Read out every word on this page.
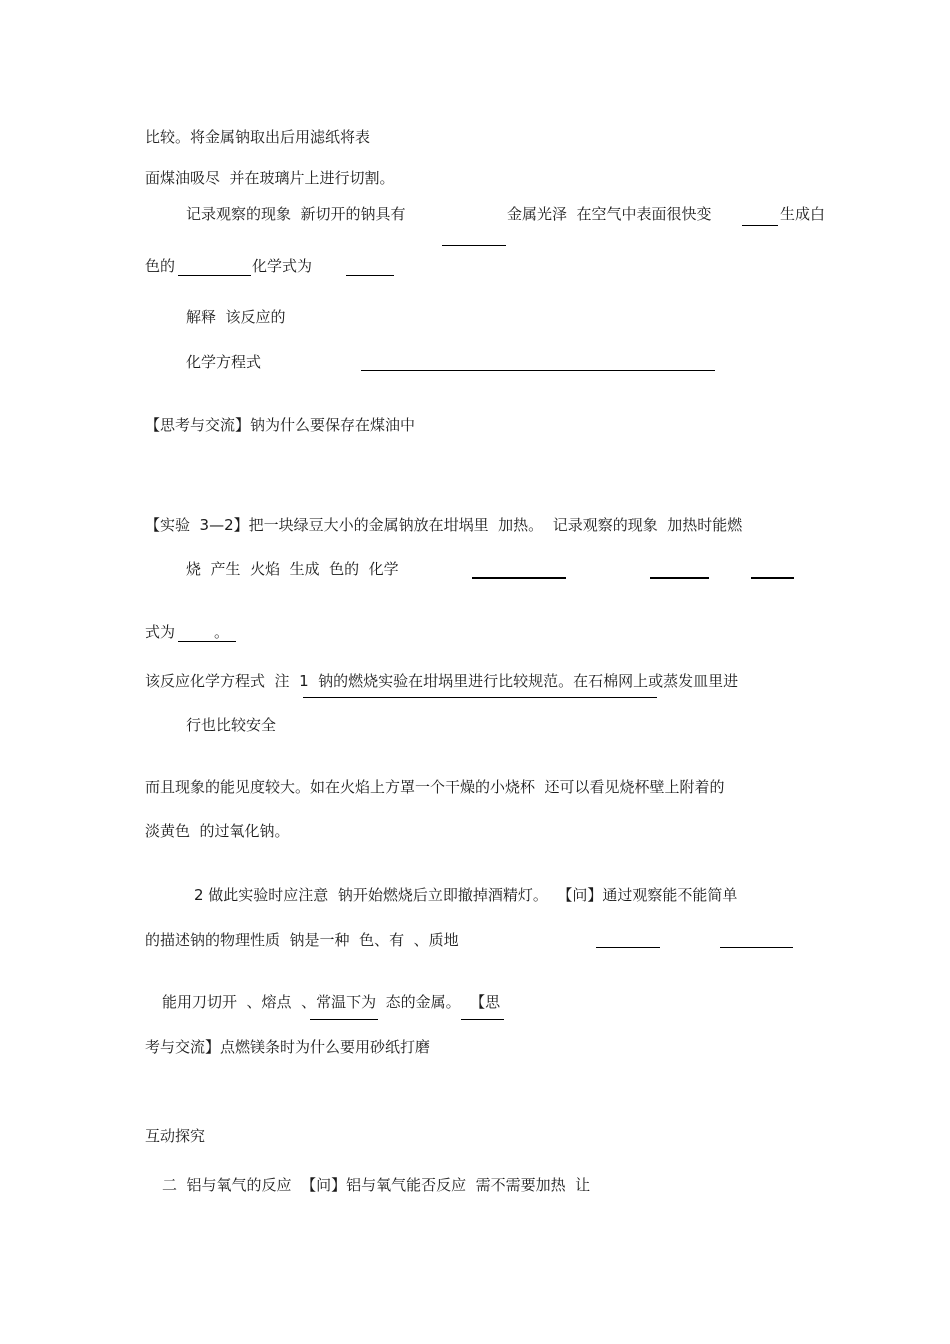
比较。将金属钠取出后用滤纸将表
面煤油吸尽  并在玻璃片上进行切割。
记录观察的现象  新切开的钠具有	金属光泽  在空气中表面很快变	生成白
色的	化学式为
解释  该反应的
化学方程式
【思考与交流】钠为什么要保存在煤油中
【实验  3—2】把一块绿豆大小的金属钠放在坩埚里  加热。  记录观察的现象  加热时能燃
烧  产生  火焰  生成  色的  化学
式为	。
该反应化学方程式  注  1  钠的燃烧实验在坩埚里进行比较规范。在石棉网上或蒸发皿里进
行也比较安全
而且现象的能见度较大。如在火焰上方罩一个干燥的小烧杯  还可以看见烧杯壁上附着的
淡黄色  的过氧化钠。
2 做此实验时应注意  钠开始燃烧后立即撤掉酒精灯。  【问】通过观察能不能简单
的描述钠的物理性质  钠是一种  色、有  、质地
能用刀切开  、熔点  、常温下为  态的金属。  【思
考与交流】点燃镁条时为什么要用砂纸打磨
互动探究
二  铝与氧气的反应  【问】铝与氧气能否反应  需不需要加热  让
